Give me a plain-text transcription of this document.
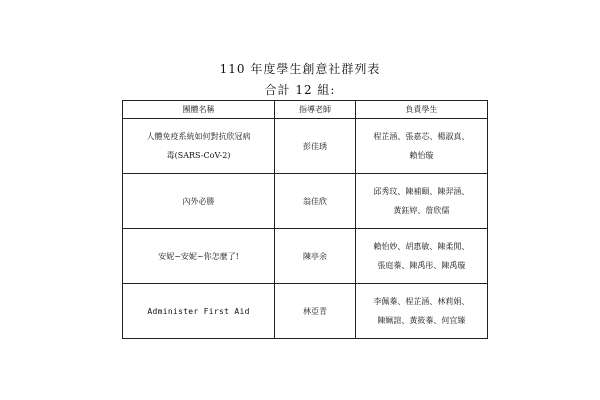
110 年度學生創意社群列表
合計 12 組:
團體名稱	指導老師	負責學生

人體免疫系統如何對抗欣冠病
毒(SARS-CoV-2)	彭佳琇	程芷涵、張嘉芯、楊淑真、
賴怡璇

內外必勝	翁佳欣	邱秀玟、陳補頤、陳羿涵、
黃鈺婷、詹欣儒

安妮~安妮~你怎麼了!	陳亭余	賴怡妙、胡惠敏、陳柔閒、
張庭蓁、陳禹彤、陳禹璇

Administer First Aid	林亞青	李佩蓁、程芷涵、林莉娟、
陳姵諠、黃筱蓁、何宜臻
